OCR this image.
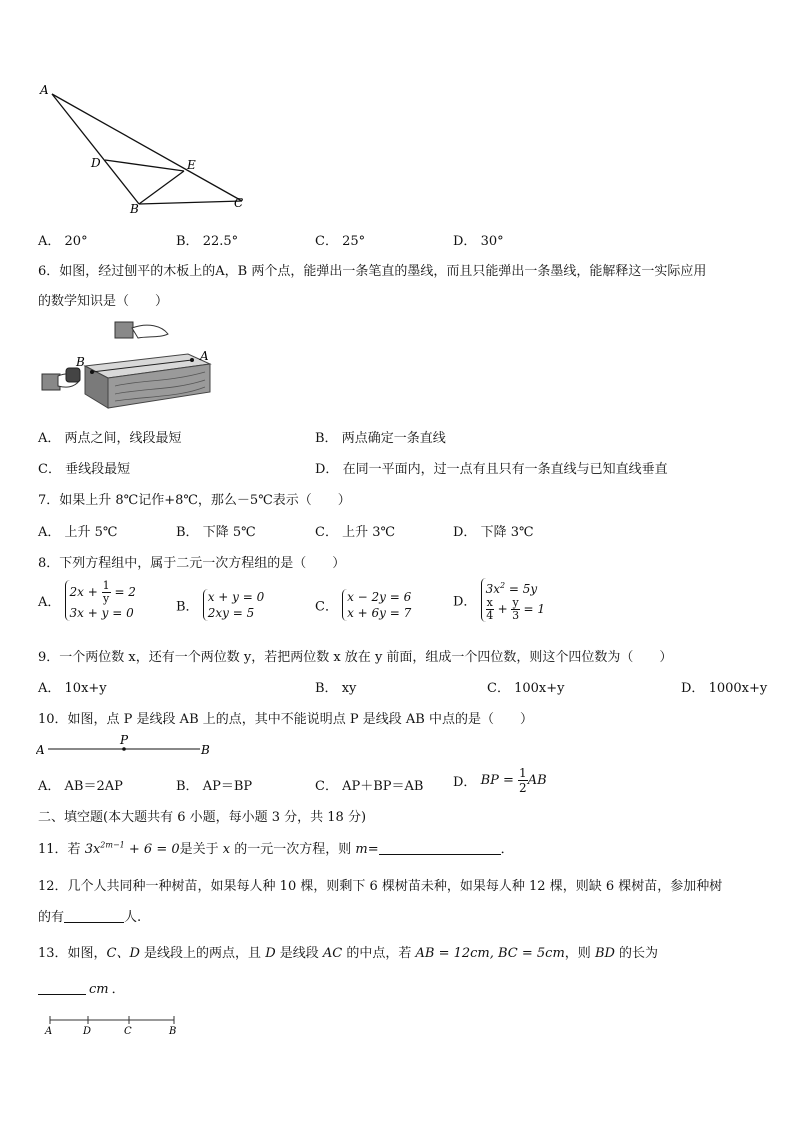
A
D	E
B	C
A． 20°	B． 22.5°	C． 25°	D． 30°
6．如图，经过刨平的木板上的A，B 两个点，能弹出一条笔直的墨线，而且只能弹出一条墨线，能解释这一实际应用
的数学知识是（　　）
B	A
A． 两点之间，线段最短	B． 两点确定一条直线
C． 垂线段最短	D． 在同一平面内，过一点有且只有一条直线与已知直线垂直
7．如果上升 8℃记作+8℃，那么－5℃表示（　　）
A． 上升 5℃	B． 下降 5℃	C． 上升 3℃	D． 下降 3℃
8．下列方程组中，属于二元一次方程组的是（　　）
A．
$2x + \frac{1}{y} = 2$
3x + y = 0	B．
x + y = 0
2xy = 5	C．
x − 2y = 6
x + 6y = 7
D．
$3x^2 = 5y$
$\frac{x}{4} + \frac{y}{3} = 1$
9．一个两位数 x，还有一个两位数 y，若把两位数 x 放在 y 前面，组成一个四位数，则这个四位数为（　　）
A． 10x+y	B． xy	C． 100x+y	D． 1000x+y
10．如图，点 P 是线段 AB 上的点，其中不能说明点 P 是线段 AB 中点的是（　　）
A
P
B
A． AB＝2AP	B． AP＝BP	C． AP＋BP＝AB D． BP = $\frac{1}{2}$ AB
二、填空题(本大题共有 6 小题，每小题 3 分，共 18 分)
11．若 $3x^{2m-1} + 6 = 0$是关于 x 的一元一次方程，则 m=	．
12．几个人共同种一种树苗，如果每人种 10 棵，则剩下 6 棵树苗未种，如果每人种 12 棵，则缺 6 棵树苗，参加种树
的有	人.
13．如图，C、D 是线段上的两点，且 D 是线段 AC 的中点，若 AB = 12cm, BC = 5cm，则 BD 的长为
cm ．
A	D	C	B
